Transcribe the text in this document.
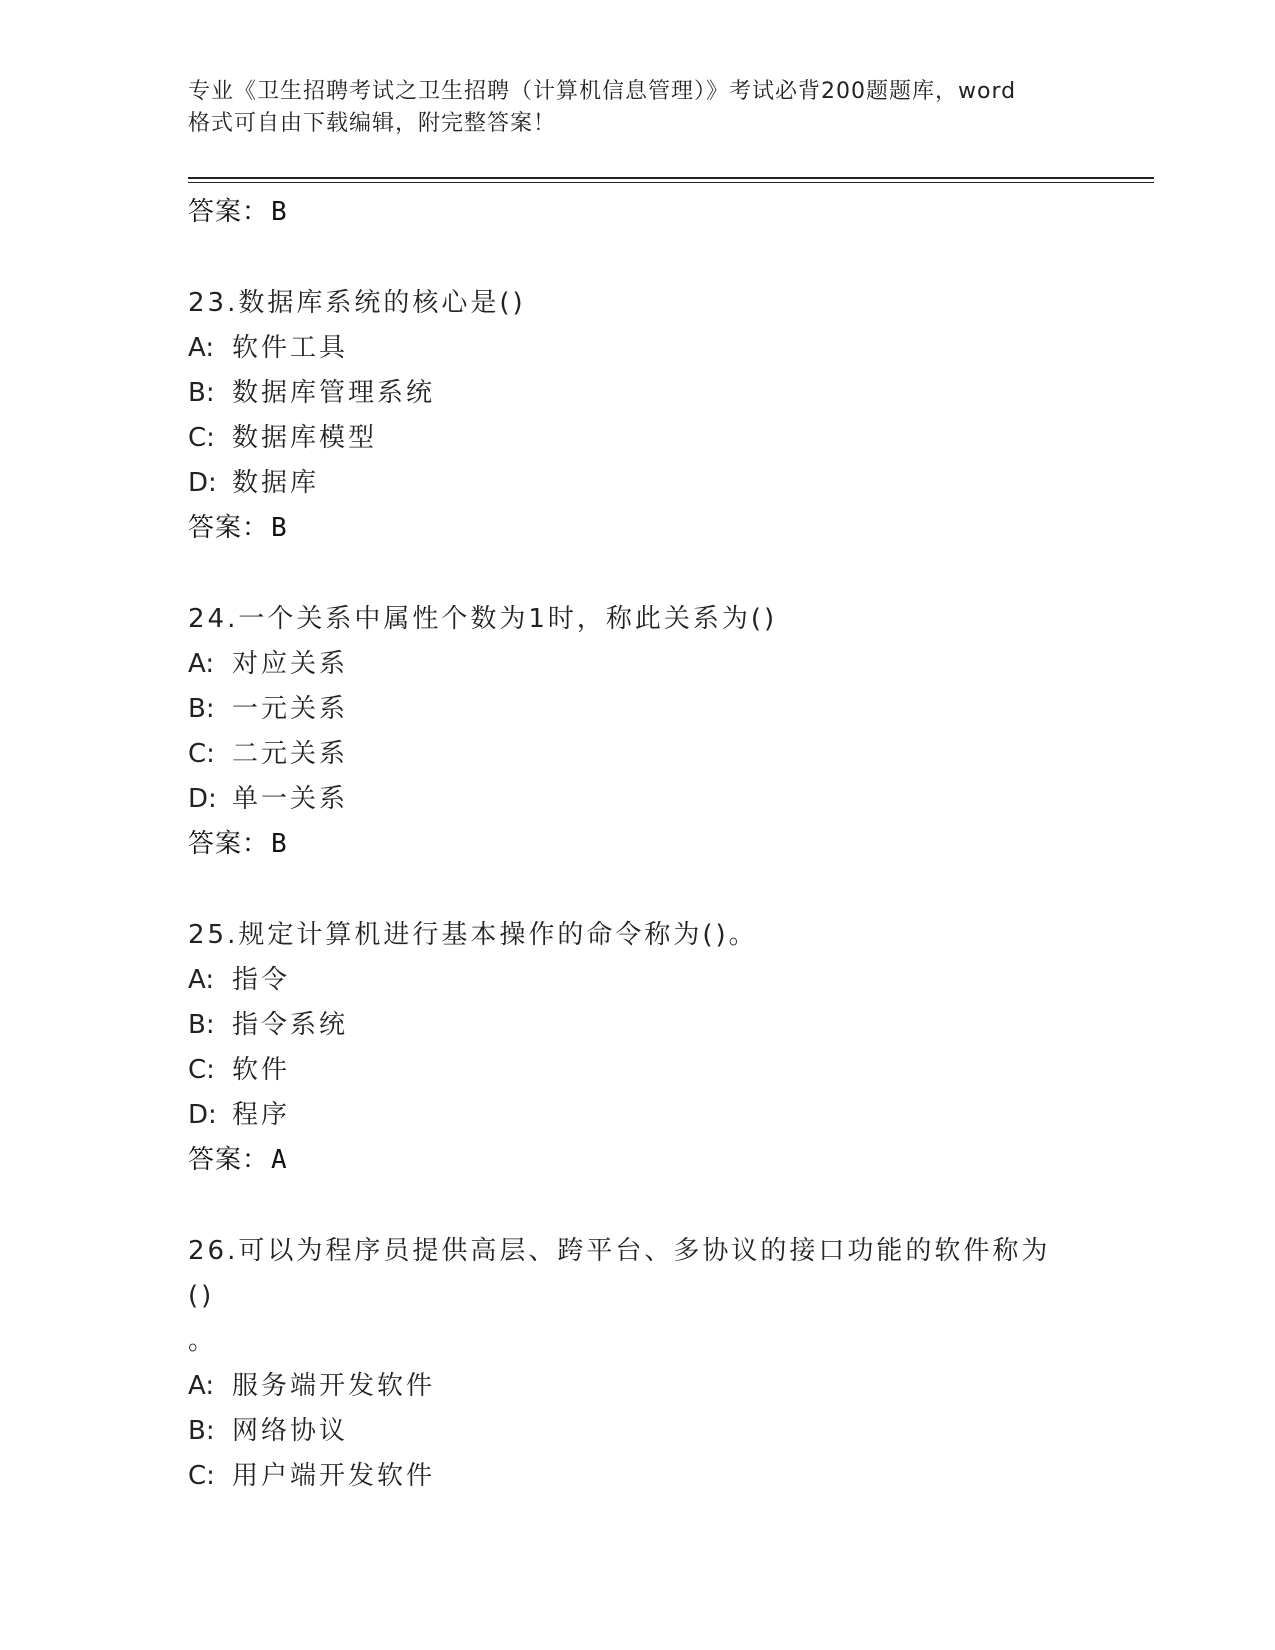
专业《卫生招聘考试之卫生招聘（计算机信息管理）》考试必背200题题库，word
格式可自由下载编辑，附完整答案！
答案：B
23.数据库系统的核心是()
A: 软件工具
B: 数据库管理系统
C: 数据库模型
D: 数据库
答案：B
24.一个关系中属性个数为1时，称此关系为()
A: 对应关系
B: 一元关系
C: 二元关系
D: 单一关系
答案：B
25.规定计算机进行基本操作的命令称为()。
A: 指令
B: 指令系统
C: 软件
D: 程序
答案：A
26.可以为程序员提供高层、跨平台、多协议的接口功能的软件称为()
。
A: 服务端开发软件
B: 网络协议
C: 用户端开发软件
